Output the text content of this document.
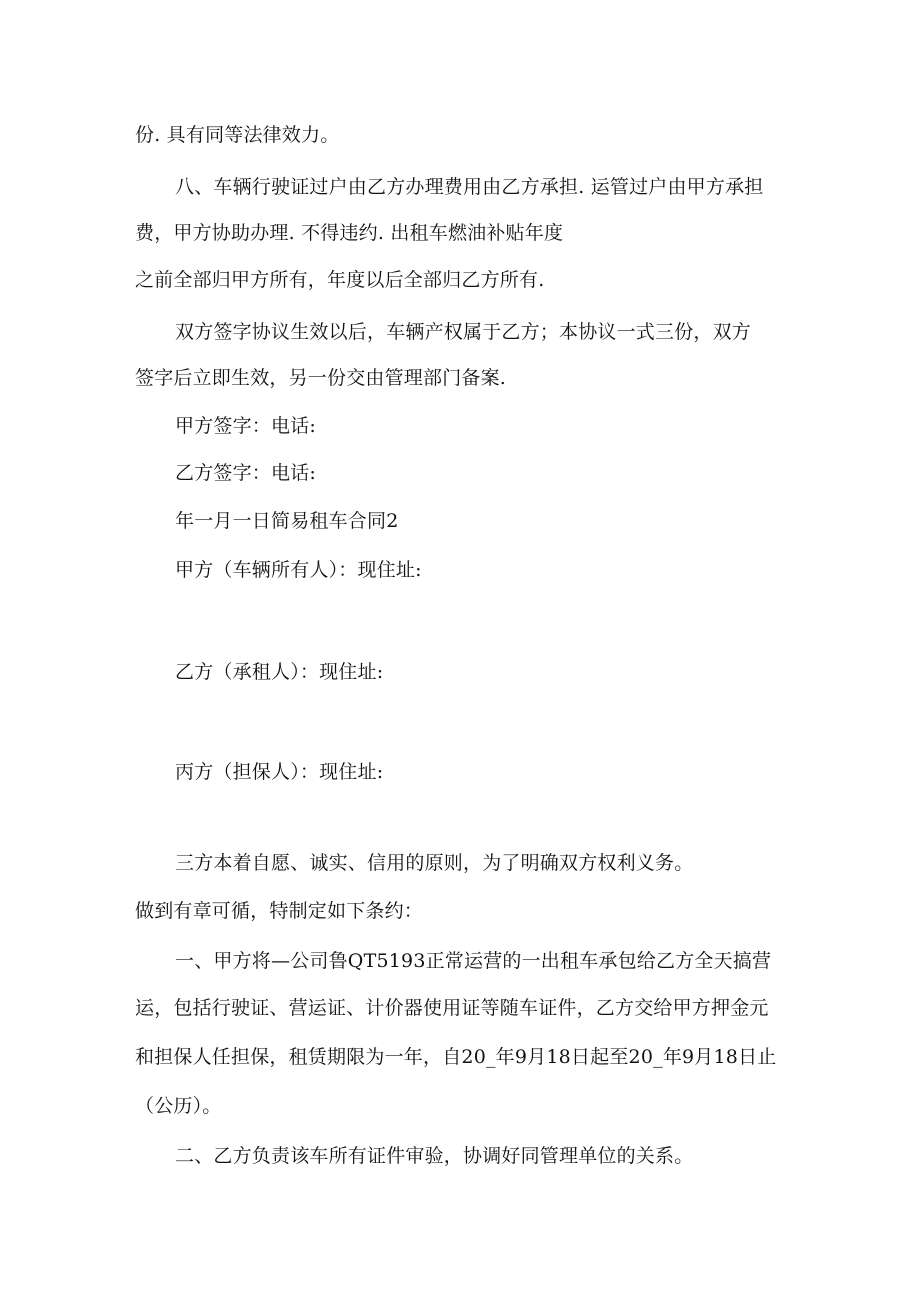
份. 具有同等法律效力。

八、车辆行驶证过户由乙方办理费用由乙方承担. 运管过户由甲方承担

费，甲方协助办理. 不得违约. 出租车燃油补贴年度

之前全部归甲方所有，年度以后全部归乙方所有.

双方签字协议生效以后，车辆产权属于乙方；本协议一式三份，双方

签字后立即生效，另一份交由管理部门备案.

甲方签字：电话:

乙方签字：电话:

年一月一日简易租车合同2

甲方（车辆所有人）：现住址:

乙方（承租人）：现住址:

丙方（担保人）：现住址:

三方本着自愿、诚实、信用的原则，为了明确双方权利义务。

做到有章可循，特制定如下条约：

一、甲方将—公司鲁QT5193正常运营的一出租车承包给乙方全天搞营

运，包括行驶证、营运证、计价器使用证等随车证件，乙方交给甲方押金元

和担保人任担保，租赁期限为一年，自20_年9月18日起至20_年9月18日止

（公历）。

二、乙方负责该车所有证件审验，协调好同管理单位的关系。
